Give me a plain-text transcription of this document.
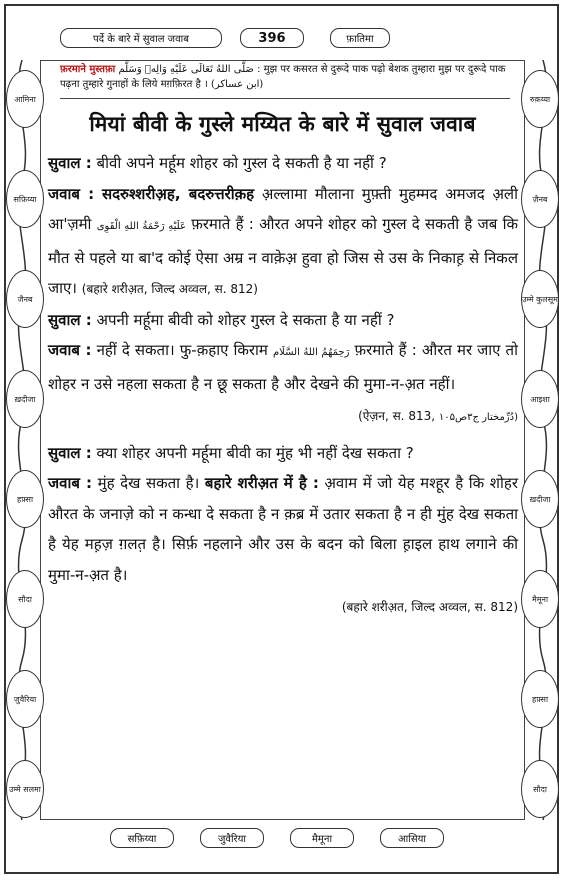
आमिना
सफ़िय्या
जैनब
ख़दीजा
हफ़्सा
सौदा
जुवैरिया
उम्मे सलमा
रुक़य्या
ज़ैनब
उम्मे कुलसूम
आइशा
ख़दीजा
मैमूना
हफ़्सा
सौदा
पर्दे के बारे में सुवाल जवाब	396	फ़ातिमा
फ़रमाने मुस्तफ़ा صَلَّى اللهُ تَعَالَى عَلَيْهِ وَالِهٖ وَسَلَّم : मुझ पर कसरत से दुरूदे पाक पढ़ो बेशक तुम्हारा मुझ पर दुरूदे पाक पढ़ना तुम्हारे गुनाहों के लिये मग़फ़िरत है । (ابن عساکر)
मियां बीवी के गुस्ले मय्यित के बारे में सुवाल जवाब

सुवाल : बीवी अपने मर्हूम शोहर को गुस्ल दे सकती है या नहीं ?

जवाब : सदरुश्शरीअ़ह, बदरुत्तरीक़ह अ़ल्लामा मौलाना मुफ़्ती मुहम्मद अमजद अ़ली आ'ज़मी عَلَيْهِ رَحْمَةُ اللهِ الْقَوِى फ़रमाते हैं : औरत अपने शोहर को गुस्ल दे सकती है जब कि मौत से पहले या बा'द कोई ऐसा अम्र न वाक़ेअ़ हुवा हो जिस से उस के निकाह़ से निकल जाए। (बहारे शरीअ़त, जिल्द अव्वल, स. 812)

सुवाल : अपनी मर्हूमा बीवी को शोहर गुस्ल दे सकता है या नहीं ?

जवाब : नहीं दे सकता। फु-क़हाए किराम رَحِمَهُمُ اللهُ السَّلَام फ़रमाते हैं : औरत मर जाए तो शोहर न उसे नहला सकता है न छू सकता है और देखने की मुमा-न-अ़त नहीं।

(ऐज़न, स. 813, دُرِّمختار ج۳ص۱۰۵)

सुवाल : क्या शोहर अपनी मर्हूमा बीवी का मुंह भी नहीं देख सकता ?

जवाब : मुंह देख सकता है। बहारे शरीअ़त में है : अ़वाम में जो येह मश्हूर है कि शोहर औरत के जनाज़े को न कन्धा दे सकता है न क़ब्र में उतार सकता है न ही मुंह देख सकता है येह मह़ज़ ग़लत़ है। सिर्फ़ नहलाने और उस के बदन को बिला ह़ाइल हाथ लगाने की मुमा-न-अ़त है।

(बहारे शरीअ़त, जिल्द अव्वल, स. 812)
सफ़िय्या	जुवैरिया	मैमूना	आसिया
